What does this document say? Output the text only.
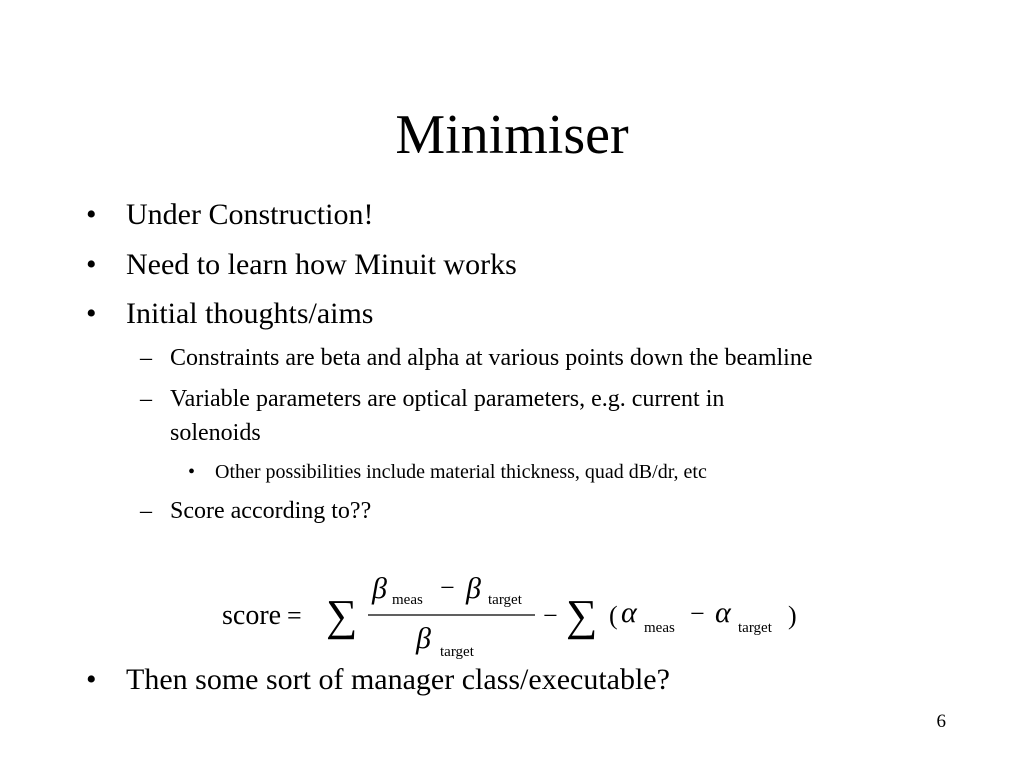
Minimiser
• Under Construction!
• Need to learn how Minuit works
• Initial thoughts/aims
– Constraints are beta and alpha at various points down the beamline
– Variable parameters are optical parameters, e.g. current in
solenoids
• Other possibilities include material thickness, quad dB/dr, etc
– Score according to??
score = ∑
β meas − β target
β target
− ∑ ( α meas − α target )
• Then some sort of manager class/executable?
6
